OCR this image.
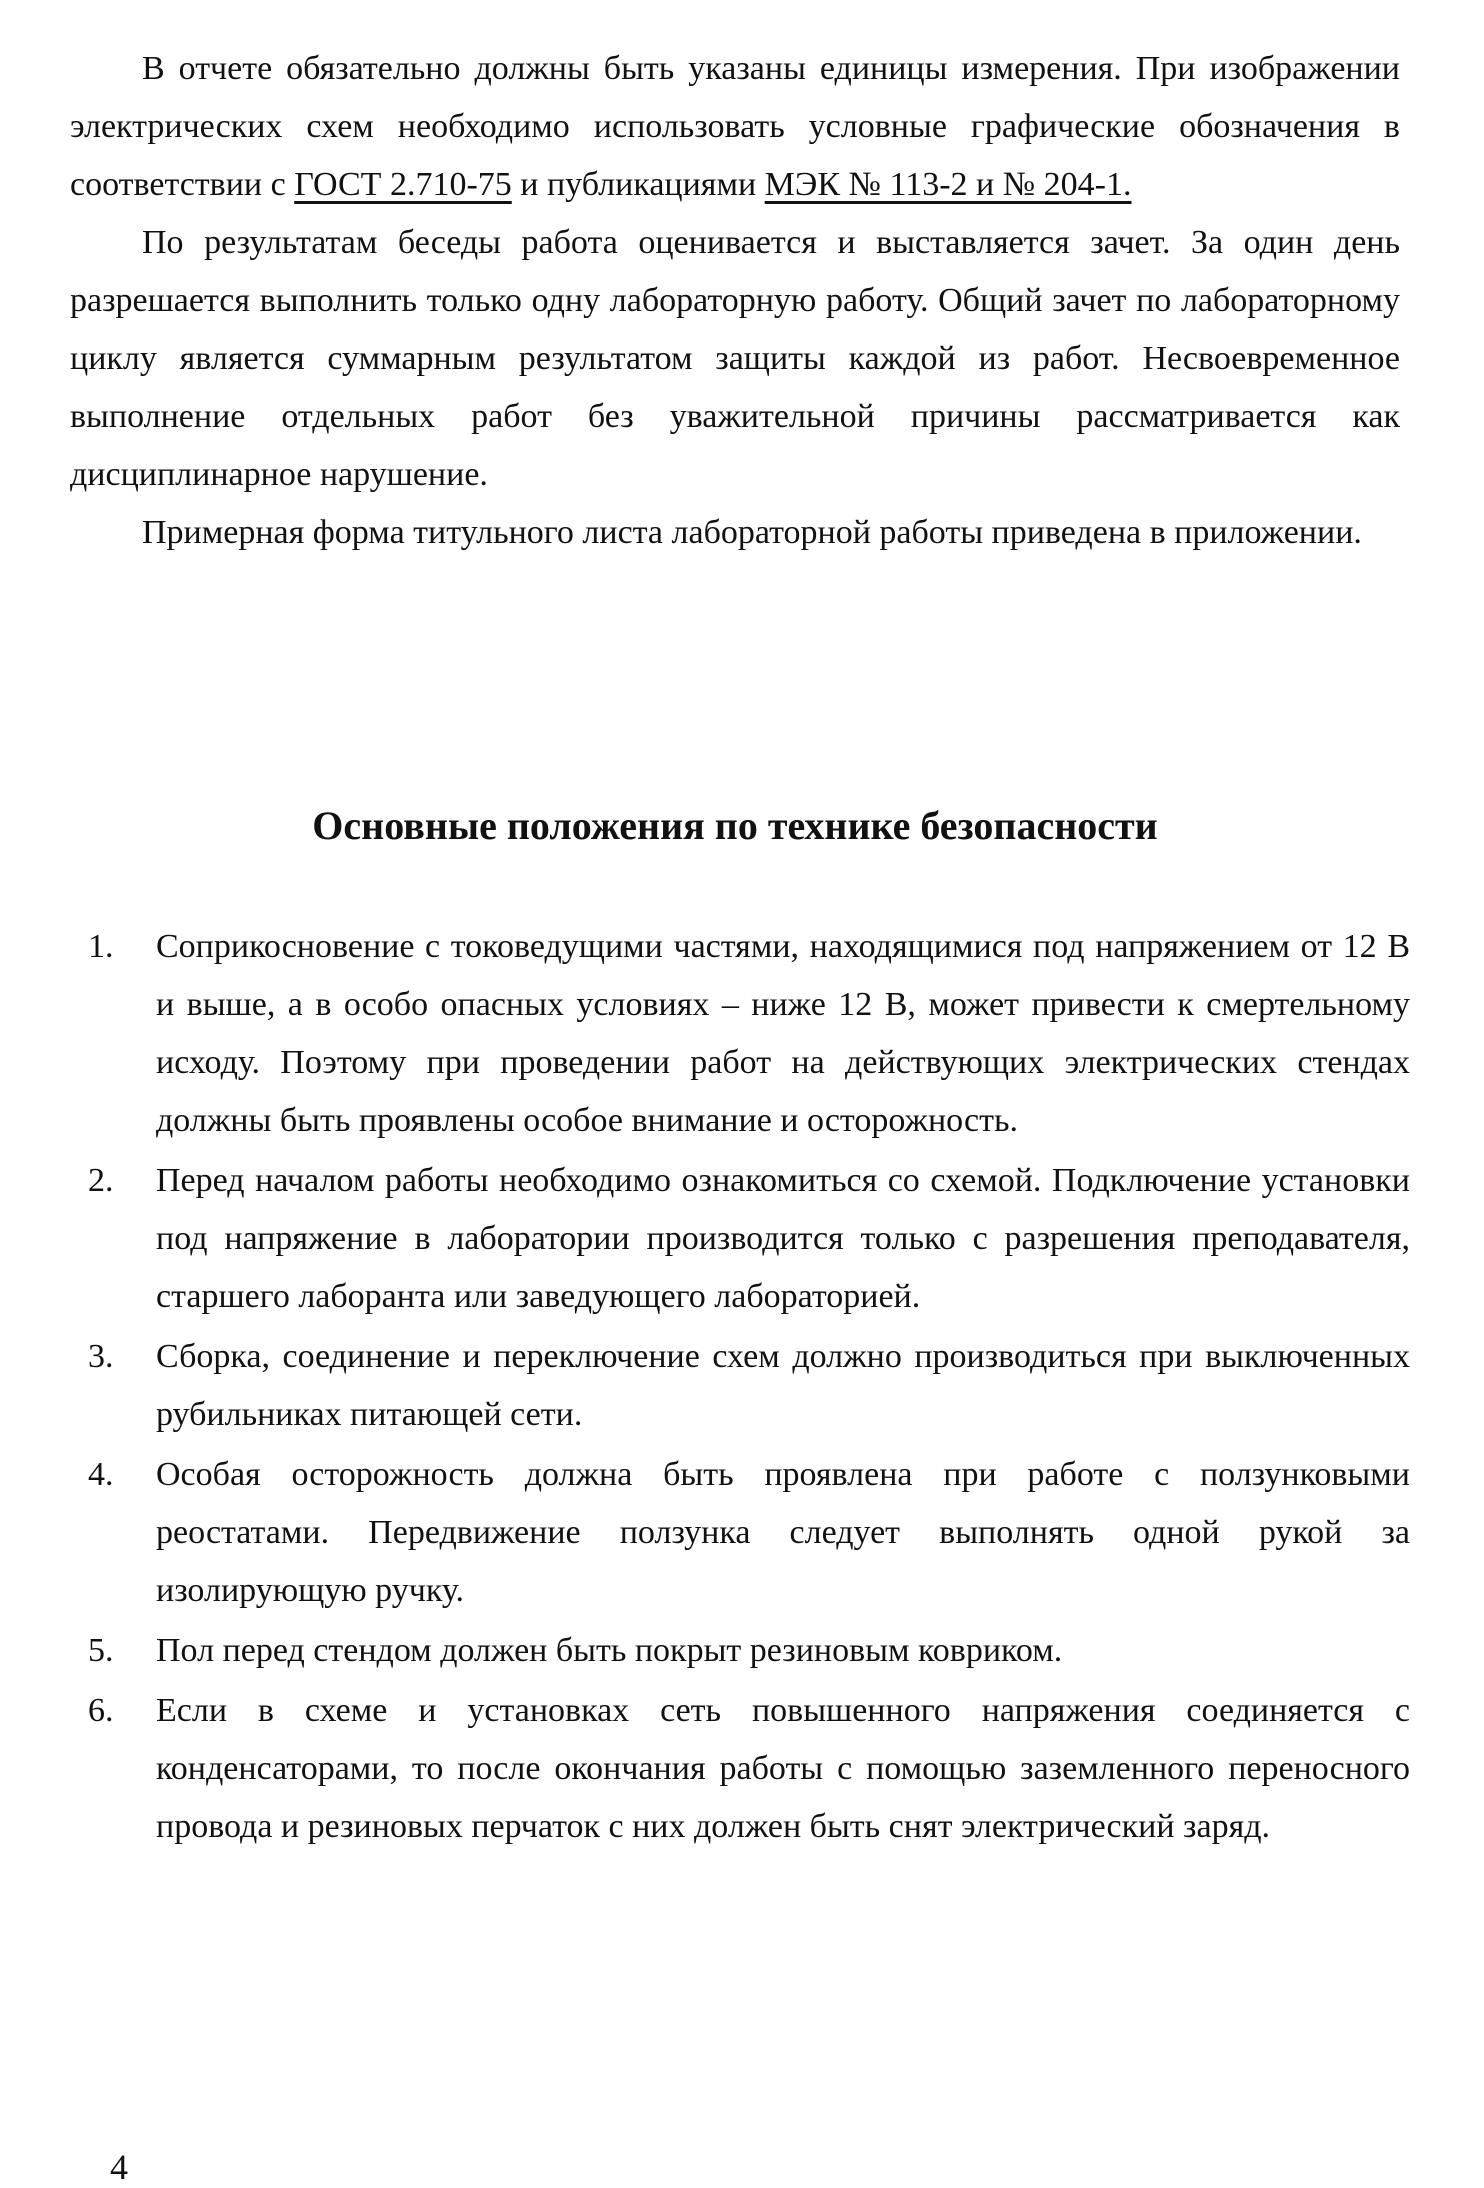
В отчете обязательно должны быть указаны единицы измерения. При изображении электрических схем необходимо использовать условные графические обозначения в соответствии с ГОСТ 2.710-75 и публикациями МЭК № 113-2 и № 204-1.

По результатам беседы работа оценивается и выставляется зачет. За один день разрешается выполнить только одну лабораторную работу. Общий зачет по лабораторному циклу является суммарным результатом защиты каждой из работ. Несвоевременное выполнение отдельных работ без уважительной причины рассматривается как дисциплинарное нарушение.

Примерная форма титульного листа лабораторной работы приведена в приложении.

Основные положения по технике безопасности
1.	Соприкосновение с токоведущими частями, находящимися под напряжением от 12 В и выше, а в особо опасных условиях – ниже 12 В, может привести к смертельному исходу. Поэтому при проведении работ на действующих электрических стендах должны быть проявлены особое внимание и осторожность.
2.	Перед началом работы необходимо ознакомиться со схемой. Подключение установки под напряжение в лаборатории производится только с разрешения преподавателя, старшего лаборанта или заведующего лабораторией.
3.	Сборка, соединение и переключение схем должно производиться при выключенных рубильниках питающей сети.
4.	Особая осторожность должна быть проявлена при работе с ползунковыми реостатами. Передвижение ползунка следует выполнять одной рукой за изолирующую ручку.
5.	Пол перед стендом должен быть покрыт резиновым ковриком.
6.	Если в схеме и установках сеть повышенного напряжения соединяется с конденсаторами, то после окончания работы с помощью заземленного переносного провода и резиновых перчаток с них должен быть снят электрический заряд.
4
